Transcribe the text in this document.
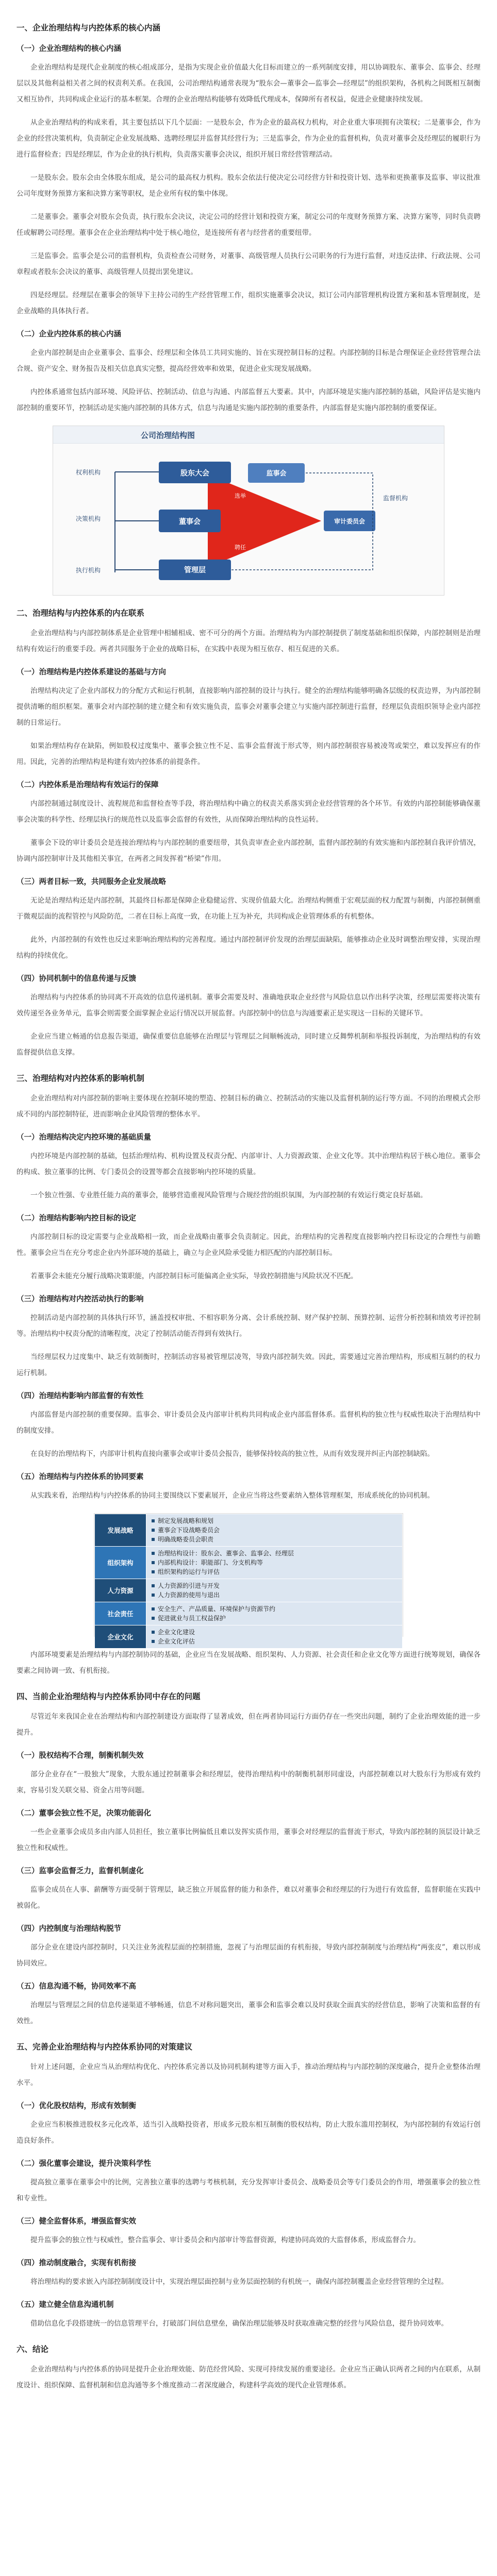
一、企业治理结构与内控体系的核心内涵
（一）企业治理结构的核心内涵

企业治理结构是现代企业制度的核心组成部分，是指为实现企业价值最大化目标而建立的一系列制度安排，用以协调股东、董事会、监事会、经理层以及其他利益相关者之间的权责利关系。在我国，公司治理结构通常表现为“股东会—董事会—监事会—经理层”的组织架构，各机构之间既相互制衡又相互协作，共同构成企业运行的基本框架。合理的企业治理结构能够有效降低代理成本，保障所有者权益，促进企业健康持续发展。

从企业治理结构的构成来看，其主要包括以下几个层面：一是股东会，作为企业的最高权力机构，对企业重大事项拥有决策权；二是董事会，作为企业的经营决策机构，负责制定企业发展战略、选聘经理层并监督其经营行为；三是监事会，作为企业的监督机构，负责对董事会及经理层的履职行为进行监督检查；四是经理层，作为企业的执行机构，负责落实董事会决议，组织开展日常经营管理活动。

一是股东会。股东会由全体股东组成，是公司的最高权力机构。股东会依法行使决定公司经营方针和投资计划、选举和更换董事及监事、审议批准公司年度财务预算方案和决算方案等职权，是企业所有权的集中体现。

二是董事会。董事会对股东会负责，执行股东会决议，决定公司的经营计划和投资方案，制定公司的年度财务预算方案、决算方案等，同时负责聘任或解聘公司经理。董事会在企业治理结构中处于核心地位，是连接所有者与经营者的重要纽带。

三是监事会。监事会是公司的监督机构，负责检查公司财务，对董事、高级管理人员执行公司职务的行为进行监督，对违反法律、行政法规、公司章程或者股东会决议的董事、高级管理人员提出罢免建议。

四是经理层。经理层在董事会的领导下主持公司的生产经营管理工作，组织实施董事会决议，拟订公司内部管理机构设置方案和基本管理制度，是企业战略的具体执行者。

（二）企业内控体系的核心内涵

企业内部控制是由企业董事会、监事会、经理层和全体员工共同实施的、旨在实现控制目标的过程。内部控制的目标是合理保证企业经营管理合法合规、资产安全、财务报告及相关信息真实完整，提高经营效率和效果，促进企业实现发展战略。

内控体系通常包括内部环境、风险评估、控制活动、信息与沟通、内部监督五大要素。其中，内部环境是实施内部控制的基础，风险评估是实施内部控制的重要环节，控制活动是实施内部控制的具体方式，信息与沟通是实施内部控制的重要条件，内部监督是实施内部控制的重要保证。

公司治理结构图
权利机构
决策机构
执行机构
监督机构
股东大会
董事会
监事会
审计委员会
管理层
选举
聘任
二、治理结构与内控体系的内在联系

企业治理结构与内部控制体系是企业管理中相辅相成、密不可分的两个方面。治理结构为内部控制提供了制度基础和组织保障，内部控制则是治理结构有效运行的重要手段。两者共同服务于企业的战略目标，在实践中表现为相互依存、相互促进的关系。

（一）治理结构是内控体系建设的基础与方向

治理结构决定了企业内部权力的分配方式和运行机制，直接影响内部控制的设计与执行。健全的治理结构能够明确各层级的权责边界，为内部控制提供清晰的组织框架。董事会对内部控制的建立健全和有效实施负责，监事会对董事会建立与实施内部控制进行监督，经理层负责组织领导企业内部控制的日常运行。

如果治理结构存在缺陷，例如股权过度集中、董事会独立性不足、监事会监督流于形式等，则内部控制很容易被凌驾或架空，难以发挥应有的作用。因此，完善的治理结构是构建有效内控体系的前提条件。

（二）内控体系是治理结构有效运行的保障

内部控制通过制度设计、流程规范和监督检查等手段，将治理结构中确立的权责关系落实到企业经营管理的各个环节。有效的内部控制能够确保董事会决策的科学性、经理层执行的规范性以及监事会监督的有效性，从而保障治理结构的良性运转。

董事会下设的审计委员会是连接治理结构与内部控制的重要纽带，其负责审查企业内部控制，监督内部控制的有效实施和内部控制自我评价情况，协调内部控制审计及其他相关事宜，在两者之间发挥着“桥梁”作用。

（三）两者目标一致，共同服务企业发展战略

无论是治理结构还是内部控制，其最终目标都是保障企业稳健运营、实现价值最大化。治理结构侧重于宏观层面的权力配置与制衡，内部控制侧重于微观层面的流程管控与风险防范，二者在目标上高度一致，在功能上互为补充，共同构成企业管理体系的有机整体。

此外，内部控制的有效性也反过来影响治理结构的完善程度。通过内部控制评价发现的治理层面缺陷，能够推动企业及时调整治理安排，实现治理结构的持续优化。

（四）协同机制中的信息传递与反馈

治理结构与内控体系的协同离不开高效的信息传递机制。董事会需要及时、准确地获取企业经营与风险信息以作出科学决策，经理层需要将决策有效传递至各业务单元，监事会则需要全面掌握企业运行情况以开展监督。内部控制中的信息与沟通要素正是实现这一目标的关键环节。

企业应当建立畅通的信息报告渠道，确保重要信息能够在治理层与管理层之间顺畅流动，同时建立反舞弊机制和举报投诉制度，为治理结构的有效监督提供信息支撑。

三、治理结构对内控体系的影响机制

企业治理结构对内部控制的影响主要体现在控制环境的塑造、控制目标的确立、控制活动的实施以及监督机制的运行等方面。不同的治理模式会形成不同的内部控制特征，进而影响企业风险管理的整体水平。

（一）治理结构决定内控环境的基础质量

内控环境是内部控制的基础，包括治理结构、机构设置及权责分配、内部审计、人力资源政策、企业文化等。其中治理结构居于核心地位。董事会的构成、独立董事的比例、专门委员会的设置等都会直接影响内控环境的质量。

一个独立性强、专业胜任能力高的董事会，能够营造重视风险管理与合规经营的组织氛围，为内部控制的有效运行奠定良好基础。

（二）治理结构影响内控目标的设定

内部控制目标的设定需要与企业战略相一致，而企业战略由董事会负责制定。因此，治理结构的完善程度直接影响内控目标设定的合理性与前瞻性。董事会应当在充分考虑企业内外部环境的基础上，确立与企业风险承受能力相匹配的内部控制目标。

若董事会未能充分履行战略决策职能，内部控制目标可能偏离企业实际，导致控制措施与风险状况不匹配。

（三）治理结构对内控活动执行的影响

控制活动是内部控制的具体执行环节，涵盖授权审批、不相容职务分离、会计系统控制、财产保护控制、预算控制、运营分析控制和绩效考评控制等。治理结构中权责分配的清晰程度，决定了控制活动能否得到有效执行。

当经理层权力过度集中、缺乏有效制衡时，控制活动容易被管理层凌驾，导致内部控制失效。因此，需要通过完善治理结构，形成相互制约的权力运行机制。

（四）治理结构影响内部监督的有效性

内部监督是内部控制的重要保障。监事会、审计委员会及内部审计机构共同构成企业内部监督体系。监督机构的独立性与权威性取决于治理结构中的制度安排。

在良好的治理结构下，内部审计机构直接向董事会或审计委员会报告，能够保持较高的独立性，从而有效发现并纠正内部控制缺陷。

（五）治理结构与内控体系的协同要素

从实践来看，治理结构与内控体系的协同主要围绕以下要素展开，企业应当将这些要素纳入整体管理框架，形成系统化的协同机制。

发展战略	制定发展战略和规划
董事会下设战略委员会
明确战略委员会职责

组织架构	治理结构设计：股东会、董事会、监事会、经理层
内部机构设计：职能部门、分支机构等
组织架构的运行与评估

人力资源	人力资源的引进与开发
人力资源的使用与退出

社会责任	安全生产、产品质量、环境保护与资源节约
促进就业与员工权益保护

企业文化	企业文化建设
企业文化评估

内部环境要素是治理结构与内部控制协同的基础，企业应当在发展战略、组织架构、人力资源、社会责任和企业文化等方面进行统筹规划，确保各要素之间协调一致、有机衔接。

四、当前企业治理结构与内控体系协同中存在的问题

尽管近年来我国企业在治理结构和内部控制建设方面取得了显著成效，但在两者协同运行方面仍存在一些突出问题，制约了企业治理效能的进一步提升。

（一）股权结构不合理，制衡机制失效

部分企业存在“一股独大”现象，大股东通过控制董事会和经理层，使得治理结构中的制衡机制形同虚设，内部控制难以对大股东行为形成有效约束，容易引发关联交易、资金占用等问题。

（二）董事会独立性不足，决策功能弱化

一些企业董事会成员多由内部人员担任，独立董事比例偏低且难以发挥实质作用，董事会对经理层的监督流于形式，导致内部控制的顶层设计缺乏独立性和权威性。

（三）监事会监督乏力，监督机制虚化

监事会成员在人事、薪酬等方面受制于管理层，缺乏独立开展监督的能力和条件，难以对董事会和经理层的行为进行有效监督，监督职能在实践中被弱化。

（四）内控制度与治理结构脱节

部分企业在建设内部控制时，只关注业务流程层面的控制措施，忽视了与治理层面的有机衔接，导致内部控制制度与治理结构“两张皮”，难以形成协同效应。

（五）信息沟通不畅，协同效率不高

治理层与管理层之间的信息传递渠道不够畅通，信息不对称问题突出，董事会和监事会难以及时获取全面真实的经营信息，影响了决策和监督的有效性。

五、完善企业治理结构与内控体系协同的对策建议

针对上述问题，企业应当从治理结构优化、内控体系完善以及协同机制构建等方面入手，推动治理结构与内部控制的深度融合，提升企业整体治理水平。

（一）优化股权结构，形成有效制衡

企业应当积极推进股权多元化改革，适当引入战略投资者，形成多元股东相互制衡的股权结构，防止大股东滥用控制权，为内部控制的有效运行创造良好条件。

（二）强化董事会建设，提升决策科学性

提高独立董事在董事会中的比例，完善独立董事的选聘与考核机制，充分发挥审计委员会、战略委员会等专门委员会的作用，增强董事会的独立性和专业性。

（三）健全监督体系，增强监督实效

提升监事会的独立性与权威性，整合监事会、审计委员会和内部审计等监督资源，构建协同高效的大监督体系，形成监督合力。

（四）推动制度融合，实现有机衔接

将治理结构的要求嵌入内部控制制度设计中，实现治理层面控制与业务层面控制的有机统一，确保内部控制覆盖企业经营管理的全过程。

（五）建立健全信息沟通机制

借助信息化手段搭建统一的信息管理平台，打破部门间信息壁垒，确保治理层能够及时获取准确完整的经营与风险信息，提升协同效率。

六、结论

企业治理结构与内控体系的协同是提升企业治理效能、防范经营风险、实现可持续发展的重要途径。企业应当正确认识两者之间的内在联系，从制度设计、组织保障、监督机制和信息沟通等多个维度推动二者深度融合，构建科学高效的现代企业管理体系。
